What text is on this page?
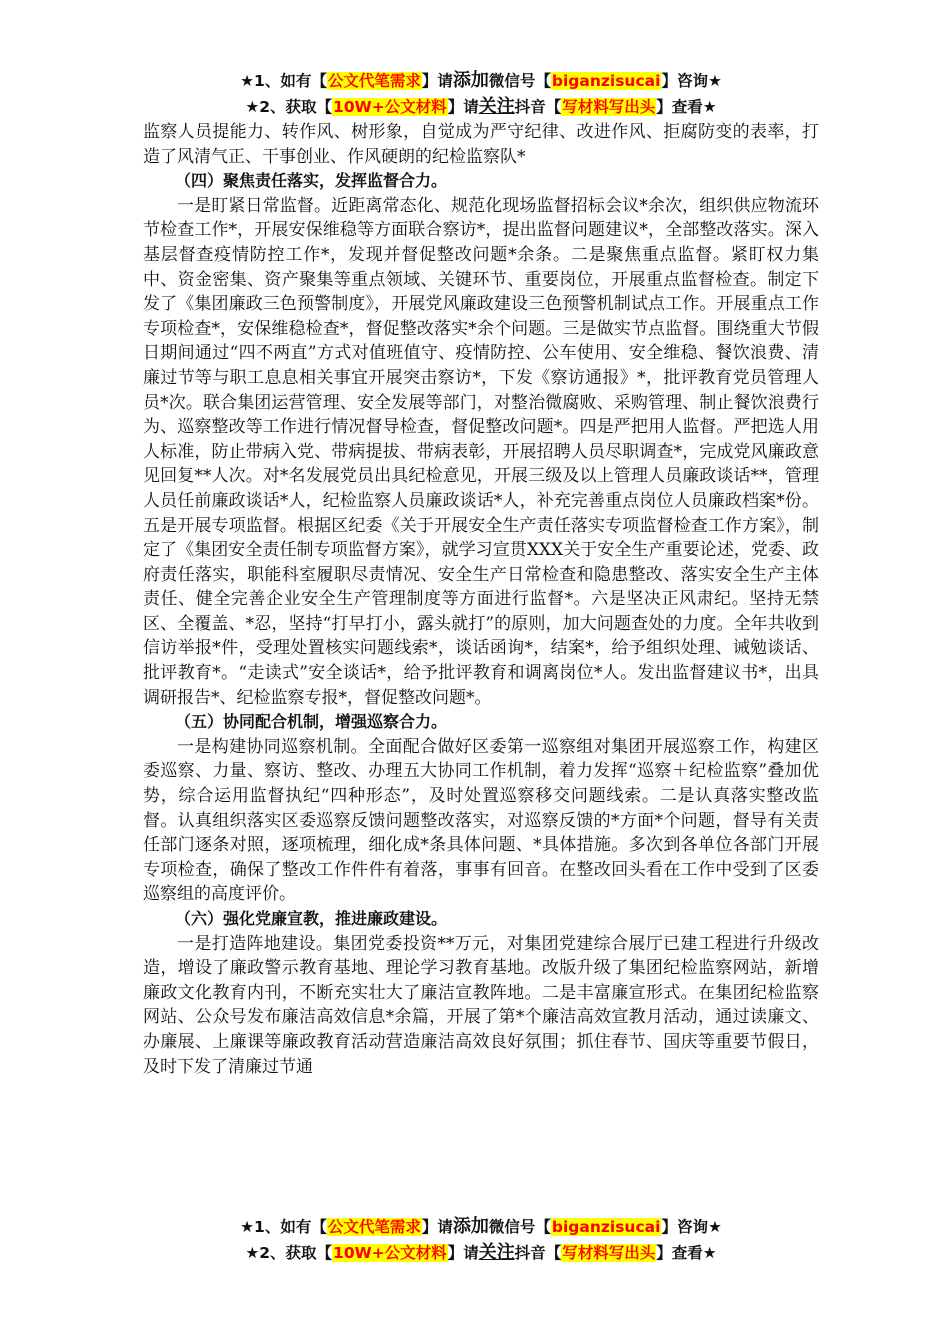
★1、如有【公文代笔需求】请添加微信号【biganzisucai】咨询★
★2、获取【10W+公文材料】请关注抖音【写材料写出头】查看★

监察人员提能力、转作风、树形象，自觉成为严守纪律、改进作风、拒腐防变的表率，打造了风清气正、干事创业、作风硬朗的纪检监察队*

（四）聚焦责任落实，发挥监督合力。

一是盯紧日常监督。近距离常态化、规范化现场监督招标会议*余次，组织供应物流环节检查工作*，开展安保维稳等方面联合察访*，提出监督问题建议*，全部整改落实。深入基层督查疫情防控工作*，发现并督促整改问题*余条。二是聚焦重点监督。紧盯权力集中、资金密集、资产聚集等重点领域、关键环节、重要岗位，开展重点监督检查。制定下发了《集团廉政三色预警制度》，开展党风廉政建设三色预警机制试点工作。开展重点工作专项检查*，安保维稳检查*，督促整改落实*余个问题。三是做实节点监督。围绕重大节假日期间通过“四不两直”方式对值班值守、疫情防控、公车使用、安全维稳、餐饮浪费、清廉过节等与职工息息相关事宜开展突击察访*，下发《察访通报》*，批评教育党员管理人员*次。联合集团运营管理、安全发展等部门，对整治微腐败、采购管理、制止餐饮浪费行为、巡察整改等工作进行情况督导检查，督促整改问题*。四是严把用人监督。严把选人用人标准，防止带病入党、带病提拔、带病表彰，开展招聘人员尽职调查*，完成党风廉政意见回复**人次。对*名发展党员出具纪检意见，开展三级及以上管理人员廉政谈话**，管理人员任前廉政谈话*人，纪检监察人员廉政谈话*人，补充完善重点岗位人员廉政档案*份。五是开展专项监督。根据区纪委《关于开展安全生产责任落实专项监督检查工作方案》，制定了《集团安全责任制专项监督方案》，就学习宣贯XXX关于安全生产重要论述，党委、政府责任落实，职能科室履职尽责情况、安全生产日常检查和隐患整改、落实安全生产主体责任、健全完善企业安全生产管理制度等方面进行监督*。六是坚决正风肃纪。坚持无禁区、全覆盖、*忍，坚持“打早打小，露头就打”的原则，加大问题查处的力度。全年共收到信访举报*件，受理处置核实问题线索*，谈话函询*，结案*，给予组织处理、诫勉谈话、批评教育*。“走读式”安全谈话*，给予批评教育和调离岗位*人。发出监督建议书*，出具调研报告*、纪检监察专报*，督促整改问题*。

（五）协同配合机制，增强巡察合力。

一是构建协同巡察机制。全面配合做好区委第一巡察组对集团开展巡察工作，构建区委巡察、力量、察访、整改、办理五大协同工作机制，着力发挥“巡察＋纪检监察”叠加优势，综合运用监督执纪“四种形态”，及时处置巡察移交问题线索。二是认真落实整改监督。认真组织落实区委巡察反馈问题整改落实，对巡察反馈的*方面*个问题，督导有关责任部门逐条对照，逐项梳理，细化成*条具体问题、*具体措施。多次到各单位各部门开展专项检查，确保了整改工作件件有着落，事事有回音。在整改回头看在工作中受到了区委巡察组的高度评价。

（六）强化党廉宣教，推进廉政建设。

一是打造阵地建设。集团党委投资**万元，对集团党建综合展厅已建工程进行升级改造，增设了廉政警示教育基地、理论学习教育基地。改版升级了集团纪检监察网站，新增廉政文化教育内刊，不断充实壮大了廉洁宣教阵地。二是丰富廉宣形式。在集团纪检监察网站、公众号发布廉洁高效信息*余篇，开展了第*个廉洁高效宣教月活动，通过读廉文、办廉展、上廉课等廉政教育活动营造廉洁高效良好氛围；抓住春节、国庆等重要节假日，及时下发了清廉过节通

★1、如有【公文代笔需求】请添加微信号【biganzisucai】咨询★
★2、获取【10W+公文材料】请关注抖音【写材料写出头】查看★
